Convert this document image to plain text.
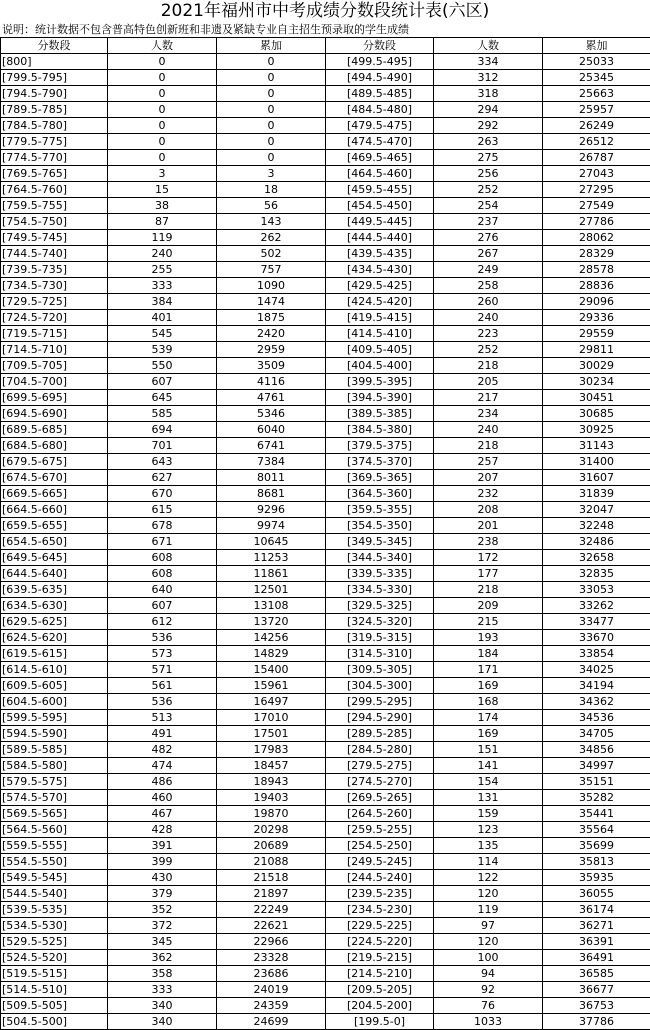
2021年福州市中考成绩分数段统计表(六区)
说明：统计数据不包含普高特色创新班和非遗及紧缺专业自主招生预录取的学生成绩
分数段	人数	累加	分数段	人数	累加
[800]	0	0	[499.5-495]	334	25033
[799.5-795]	0	0	[494.5-490]	312	25345
[794.5-790]	0	0	[489.5-485]	318	25663
[789.5-785]	0	0	[484.5-480]	294	25957
[784.5-780]	0	0	[479.5-475]	292	26249
[779.5-775]	0	0	[474.5-470]	263	26512
[774.5-770]	0	0	[469.5-465]	275	26787
[769.5-765]	3	3	[464.5-460]	256	27043
[764.5-760]	15	18	[459.5-455]	252	27295
[759.5-755]	38	56	[454.5-450]	254	27549
[754.5-750]	87	143	[449.5-445]	237	27786
[749.5-745]	119	262	[444.5-440]	276	28062
[744.5-740]	240	502	[439.5-435]	267	28329
[739.5-735]	255	757	[434.5-430]	249	28578
[734.5-730]	333	1090	[429.5-425]	258	28836
[729.5-725]	384	1474	[424.5-420]	260	29096
[724.5-720]	401	1875	[419.5-415]	240	29336
[719.5-715]	545	2420	[414.5-410]	223	29559
[714.5-710]	539	2959	[409.5-405]	252	29811
[709.5-705]	550	3509	[404.5-400]	218	30029
[704.5-700]	607	4116	[399.5-395]	205	30234
[699.5-695]	645	4761	[394.5-390]	217	30451
[694.5-690]	585	5346	[389.5-385]	234	30685
[689.5-685]	694	6040	[384.5-380]	240	30925
[684.5-680]	701	6741	[379.5-375]	218	31143
[679.5-675]	643	7384	[374.5-370]	257	31400
[674.5-670]	627	8011	[369.5-365]	207	31607
[669.5-665]	670	8681	[364.5-360]	232	31839
[664.5-660]	615	9296	[359.5-355]	208	32047
[659.5-655]	678	9974	[354.5-350]	201	32248
[654.5-650]	671	10645	[349.5-345]	238	32486
[649.5-645]	608	11253	[344.5-340]	172	32658
[644.5-640]	608	11861	[339.5-335]	177	32835
[639.5-635]	640	12501	[334.5-330]	218	33053
[634.5-630]	607	13108	[329.5-325]	209	33262
[629.5-625]	612	13720	[324.5-320]	215	33477
[624.5-620]	536	14256	[319.5-315]	193	33670
[619.5-615]	573	14829	[314.5-310]	184	33854
[614.5-610]	571	15400	[309.5-305]	171	34025
[609.5-605]	561	15961	[304.5-300]	169	34194
[604.5-600]	536	16497	[299.5-295]	168	34362
[599.5-595]	513	17010	[294.5-290]	174	34536
[594.5-590]	491	17501	[289.5-285]	169	34705
[589.5-585]	482	17983	[284.5-280]	151	34856
[584.5-580]	474	18457	[279.5-275]	141	34997
[579.5-575]	486	18943	[274.5-270]	154	35151
[574.5-570]	460	19403	[269.5-265]	131	35282
[569.5-565]	467	19870	[264.5-260]	159	35441
[564.5-560]	428	20298	[259.5-255]	123	35564
[559.5-555]	391	20689	[254.5-250]	135	35699
[554.5-550]	399	21088	[249.5-245]	114	35813
[549.5-545]	430	21518	[244.5-240]	122	35935
[544.5-540]	379	21897	[239.5-235]	120	36055
[539.5-535]	352	22249	[234.5-230]	119	36174
[534.5-530]	372	22621	[229.5-225]	97	36271
[529.5-525]	345	22966	[224.5-220]	120	36391
[524.5-520]	362	23328	[219.5-215]	100	36491
[519.5-515]	358	23686	[214.5-210]	94	36585
[514.5-510]	333	24019	[209.5-205]	92	36677
[509.5-505]	340	24359	[204.5-200]	76	36753
[504.5-500]	340	24699	[199.5-0]	1033	37786
